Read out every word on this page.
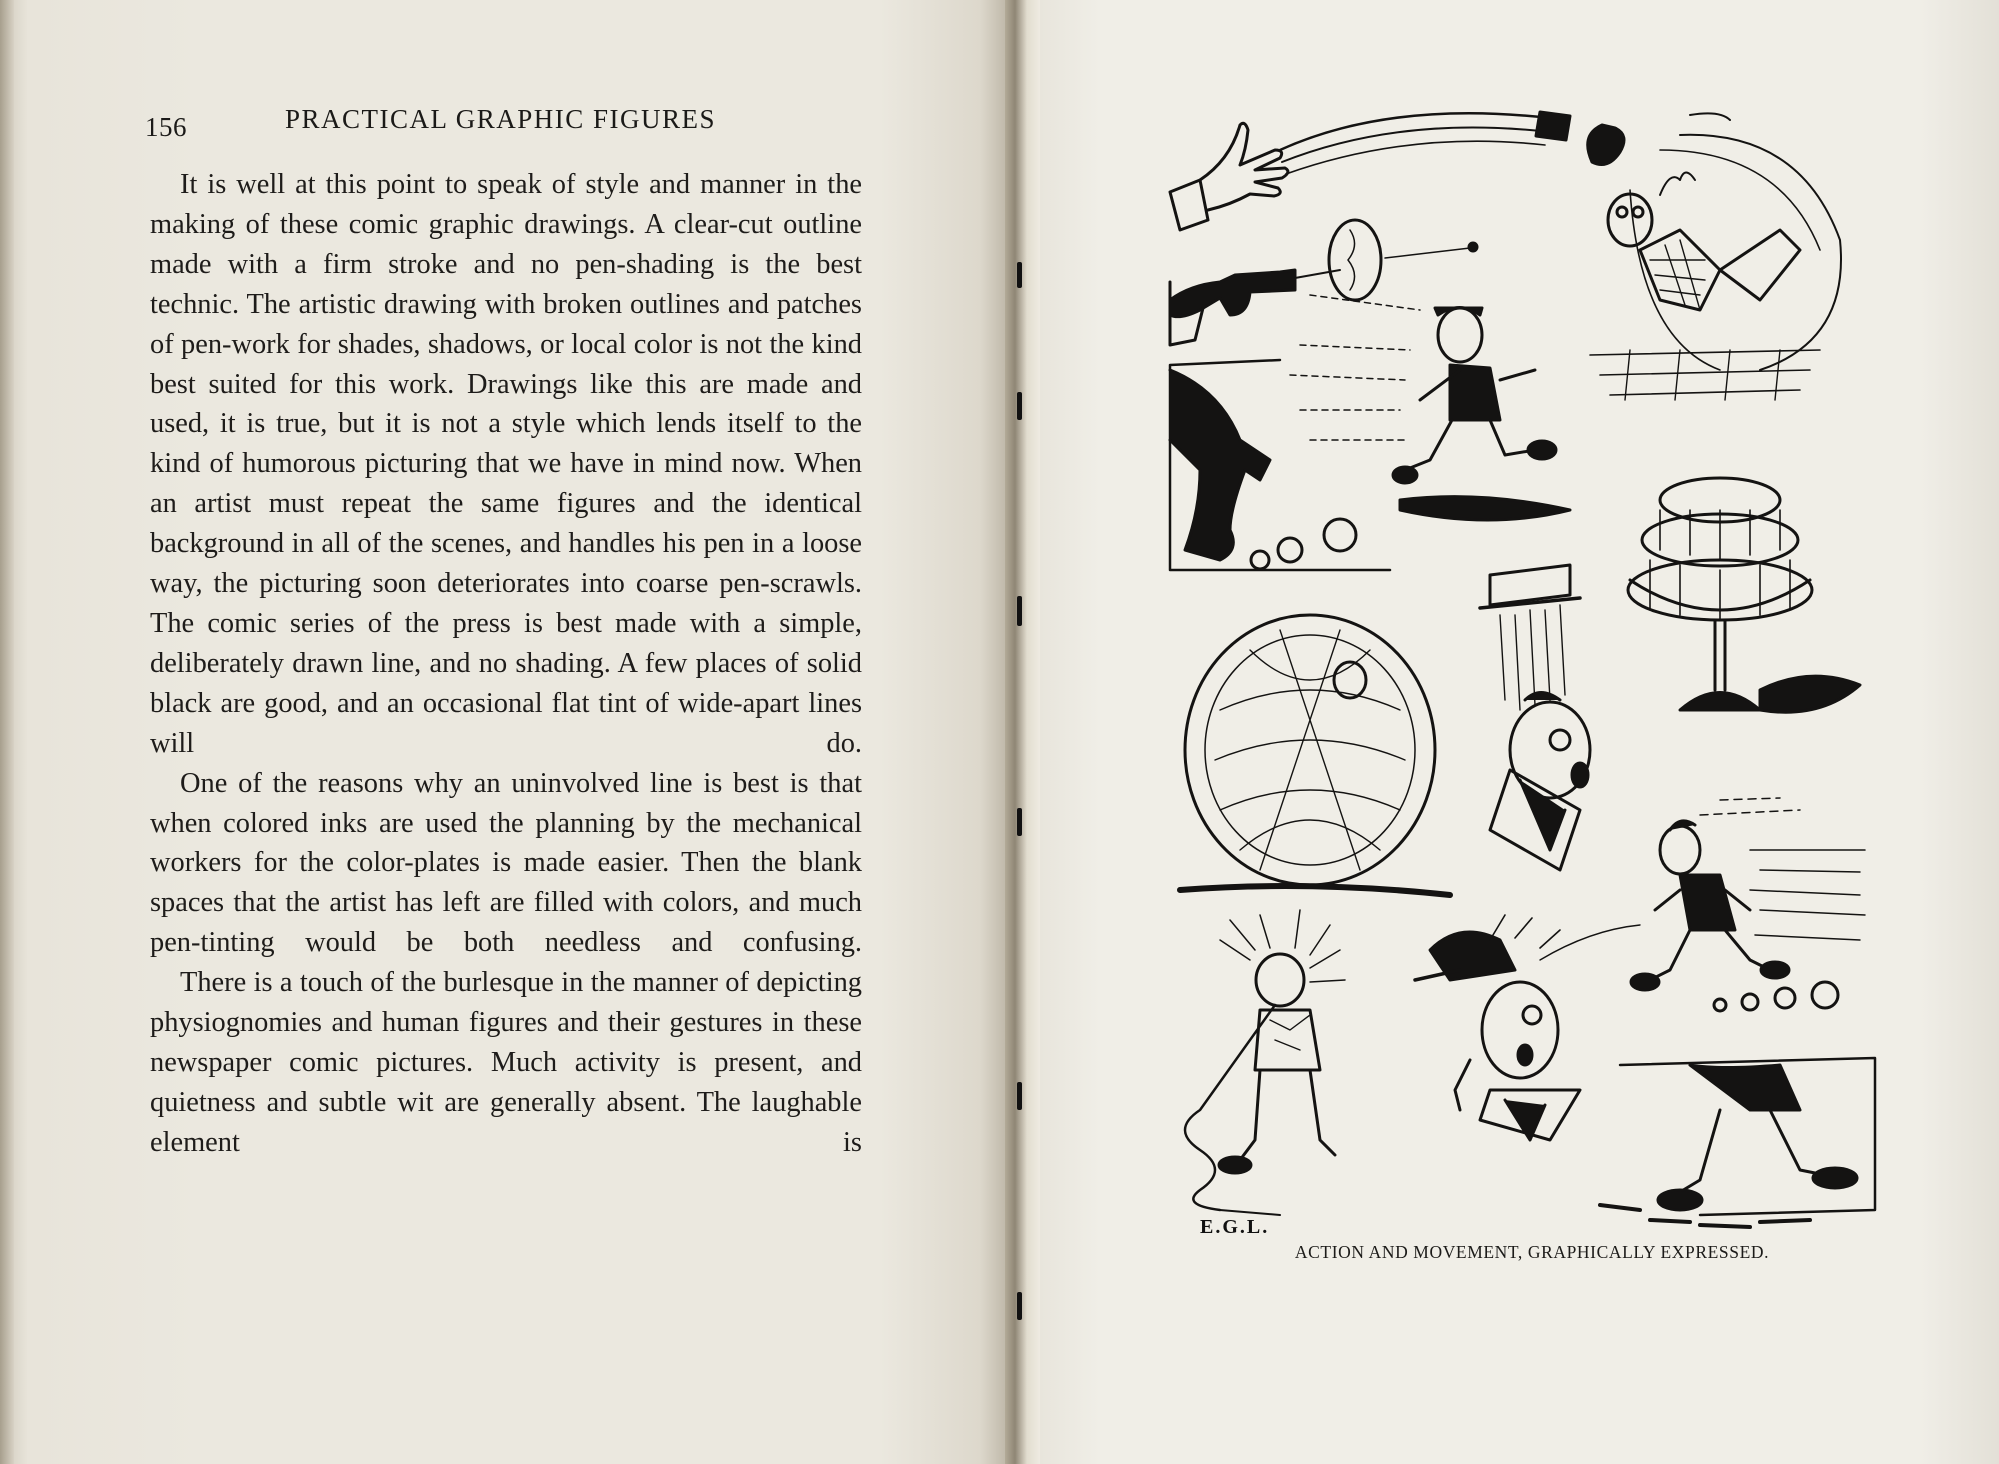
156	PRACTICAL GRAPHIC FIGURES

It is well at this point to speak of style and manner in the making of these comic graphic drawings. A clear-cut outline made with a firm stroke and no pen-shading is the best technic. The artistic drawing with broken outlines and patches of pen-work for shades, shadows, or local color is not the kind best suited for this work. Drawings like this are made and used, it is true, but it is not a style which lends itself to the kind of humorous picturing that we have in mind now. When an artist must repeat the same figures and the identical background in all of the scenes, and handles his pen in a loose way, the picturing soon deteriorates into coarse pen-scrawls. The comic series of the press is best made with a simple, deliberately drawn line, and no shading. A few places of solid black are good, and an occasional flat tint of wide-apart lines will do.

One of the reasons why an uninvolved line is best is that when colored inks are used the planning by the mechanical workers for the color-plates is made easier. Then the blank spaces that the artist has left are filled with colors, and much pen-tinting would be both needless and confusing.

There is a touch of the burlesque in the manner of depicting physiognomies and human figures and their gestures in these newspaper comic pictures. Much activity is present, and quietness and subtle wit are generally absent. The laughable element is

E.G.L.
ACTION AND MOVEMENT, GRAPHICALLY EXPRESSED.
